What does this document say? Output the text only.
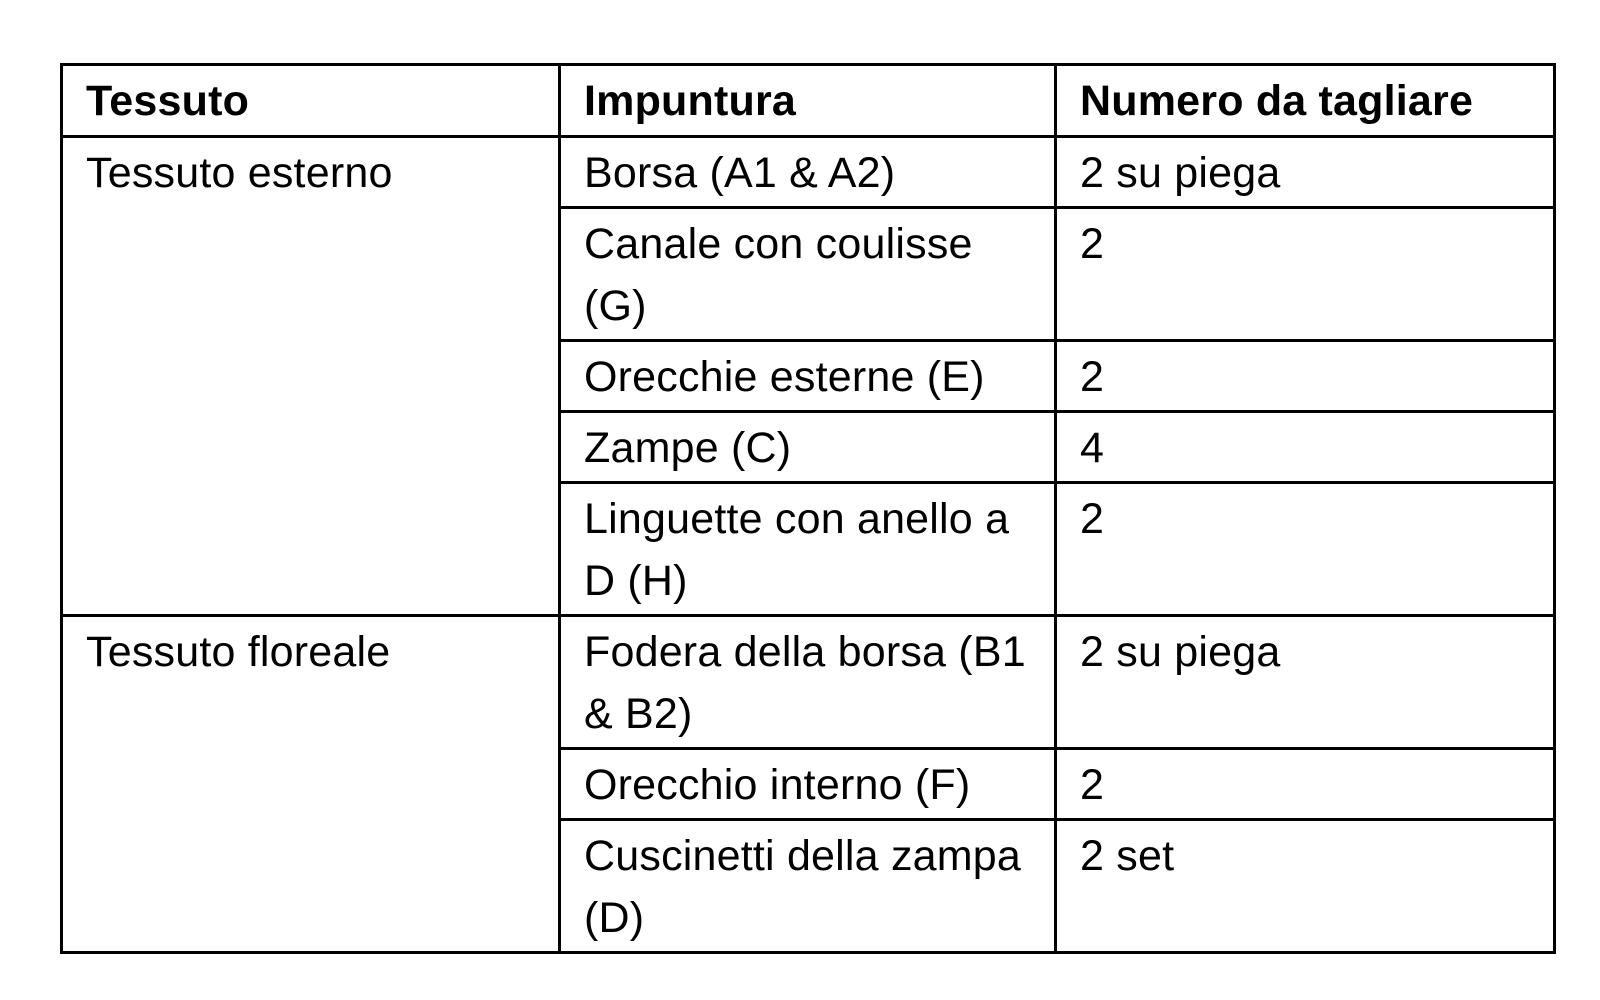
Tessuto	Impuntura	Numero da tagliare
Tessuto esterno	Borsa (A1 & A2)	2 su piega
	Canale con coulisse (G)	2
	Orecchie esterne (E)	2
	Zampe (C)	4
	Linguette con anello a D (H)	2
Tessuto floreale	Fodera della borsa (B1 & B2)	2 su piega
	Orecchio interno (F)	2
	Cuscinetti della zampa (D)	2 set
